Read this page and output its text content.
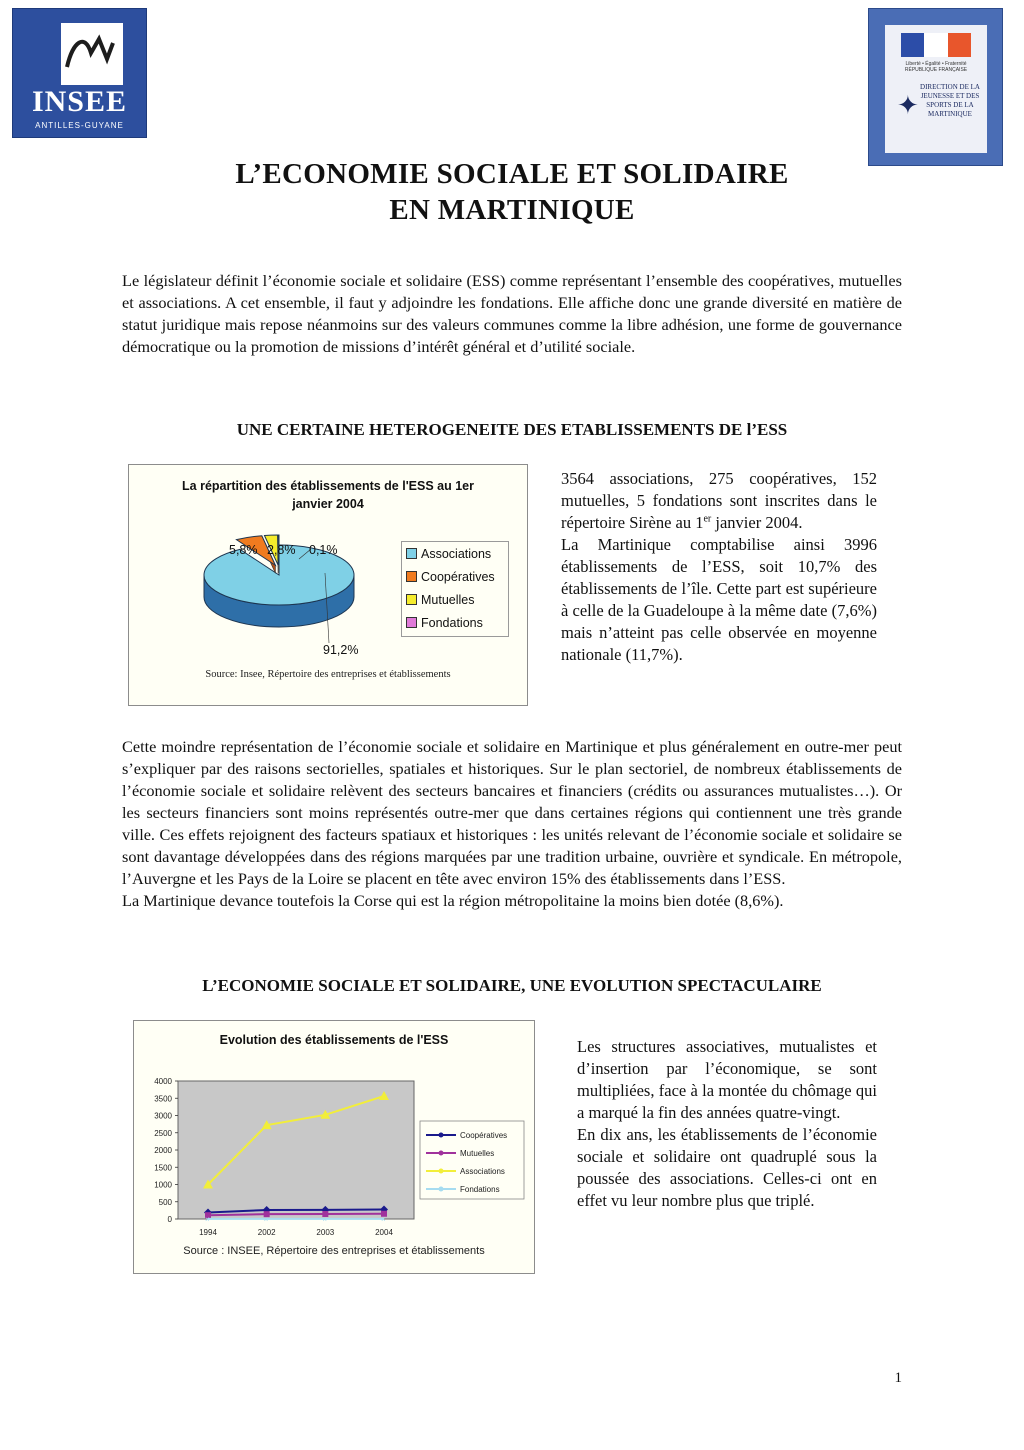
INSEE
ANTILLES-GUYANE
Liberté • Égalité • Fraternité RÉPUBLIQUE FRANÇAISE
✦
DIRECTION DE LA JEUNESSE ET DES SPORTS DE LA MARTINIQUE
L’ECONOMIE SOCIALE ET SOLIDAIRE
EN MARTINIQUE
Le législateur définit l’économie sociale et solidaire (ESS) comme représentant l’ensemble des coopératives, mutuelles et associations. A cet ensemble, il faut y adjoindre les fondations. Elle affiche donc une grande diversité en matière de statut juridique mais repose néanmoins sur des valeurs communes comme la libre adhésion, une forme de gouvernance démocratique ou la promotion de missions d’intérêt général et d’utilité sociale.
UNE CERTAINE HETEROGENEITE DES ETABLISSEMENTS DE l’ESS
La répartition des établissements de l'ESS au 1er janvier 2004
Associations
Coopératives
Mutuelles
Fondations
5,8% 2,8% 0,1%
91,2%
Source: Insee, Répertoire des entreprises et établissements
3564 associations, 275 coopératives, 152 mutuelles, 5 fondations sont inscrites dans le répertoire Sirène au 1er janvier 2004.
La Martinique comptabilise ainsi 3996 établissements de l’ESS, soit 10,7% des établissements de l’île. Cette part est supérieure à celle de la Guadeloupe à la même date (7,6%) mais n’atteint pas celle observée en moyenne nationale (11,7%).
Cette moindre représentation de l’économie sociale et solidaire en Martinique et plus généralement en outre-mer peut s’expliquer par des raisons sectorielles, spatiales et historiques. Sur le plan sectoriel, de nombreux établissements de l’économie sociale et solidaire relèvent des secteurs bancaires et financiers (crédits ou assurances mutualistes…). Or les secteurs financiers sont moins représentés outre-mer que dans certaines régions qui contiennent une très grande ville. Ces effets rejoignent des facteurs spatiaux et historiques : les unités relevant de l’économie sociale et solidaire se sont davantage développées dans des régions marquées par une tradition urbaine, ouvrière et syndicale. En métropole, l’Auvergne et les Pays de la Loire se placent en tête avec environ 15% des établissements dans l’ESS.
La Martinique devance toutefois la Corse qui est la région métropolitaine la moins bien dotée (8,6%).
L’ECONOMIE SOCIALE ET SOLIDAIRE, UNE EVOLUTION SPECTACULAIRE
Evolution des établissements de l'ESS
0
500
1000
1500
2000
2500
3000
3500
4000
1994	2002	2003	2004
×	×	×	×
Coopératives
Mutuelles
Associations
Fondations
Source : INSEE, Répertoire des entreprises et établissements
Les structures associatives, mutualistes et d’insertion par l’économique, se sont multipliées, face à la montée du chômage qui a marqué la fin des années quatre-vingt.
En dix ans, les établissements de l’économie sociale et solidaire ont quadruplé sous la poussée des associations. Celles-ci ont en effet vu leur nombre plus que triplé.
1
